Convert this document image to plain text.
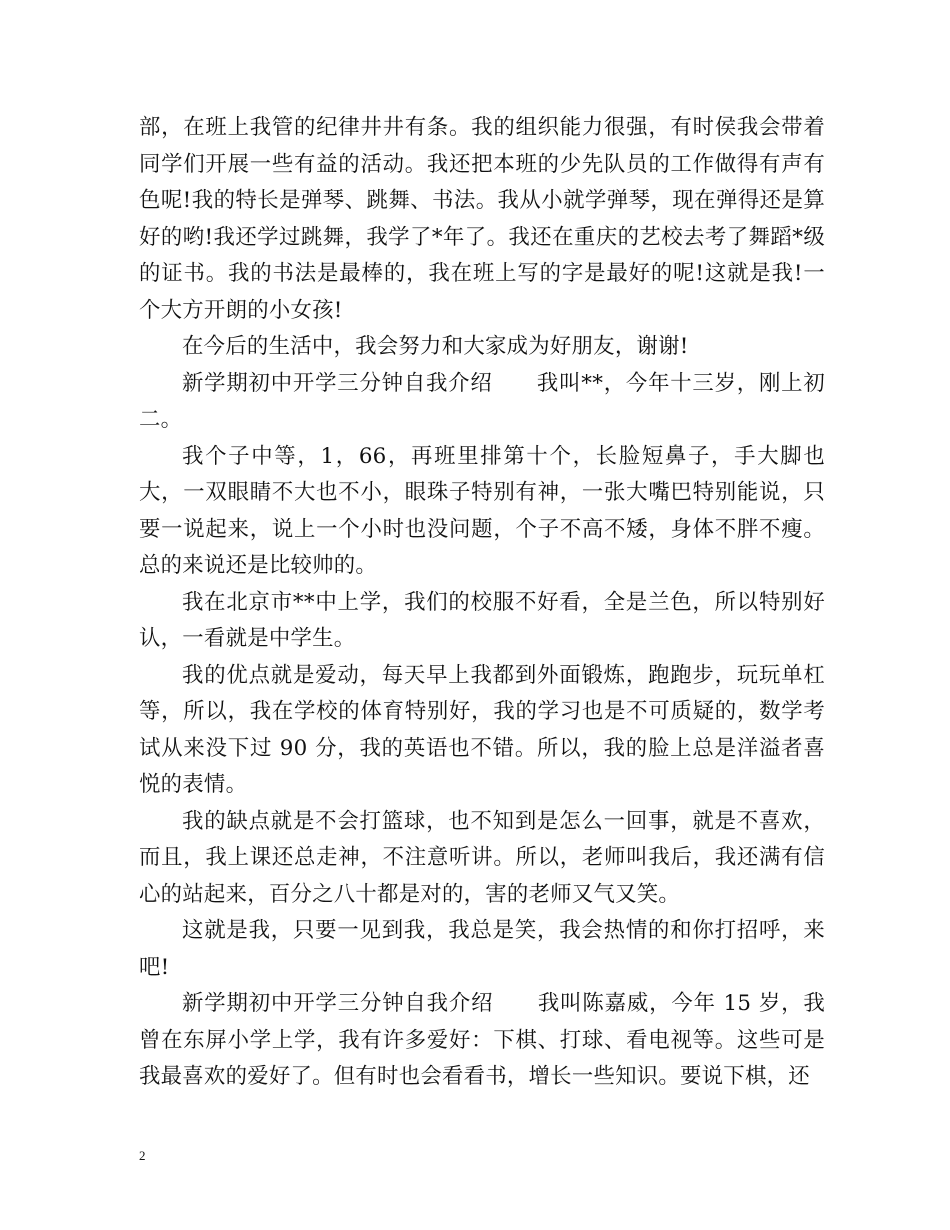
部，在班上我管的纪律井井有条。我的组织能力很强，有时侯我会带着同学们开展一些有益的活动。我还把本班的少先队员的工作做得有声有色呢!我的特长是弹琴、跳舞、书法。我从小就学弹琴，现在弹得还是算好的哟!我还学过跳舞，我学了*年了。我还在重庆的艺校去考了舞蹈*级的证书。我的书法是最棒的，我在班上写的字是最好的呢!这就是我!一个大方开朗的小女孩!

在今后的生活中，我会努力和大家成为好朋友，谢谢!

新学期初中开学三分钟自我介绍　　我叫**，今年十三岁，刚上初二。

我个子中等，1，66，再班里排第十个，长脸短鼻子，手大脚也大，一双眼睛不大也不小，眼珠子特别有神，一张大嘴巴特别能说，只要一说起来，说上一个小时也没问题，个子不高不矮，身体不胖不瘦。总的来说还是比较帅的。

我在北京市**中上学，我们的校服不好看，全是兰色，所以特别好认，一看就是中学生。

我的优点就是爱动，每天早上我都到外面锻炼，跑跑步，玩玩单杠等，所以，我在学校的体育特别好，我的学习也是不可质疑的，数学考试从来没下过 90 分，我的英语也不错。所以，我的脸上总是洋溢者喜悦的表情。

我的缺点就是不会打篮球，也不知到是怎么一回事，就是不喜欢，而且，我上课还总走神，不注意听讲。所以，老师叫我后，我还满有信心的站起来，百分之八十都是对的，害的老师又气又笑。

这就是我，只要一见到我，我总是笑，我会热情的和你打招呼，来吧!

新学期初中开学三分钟自我介绍　　我叫陈嘉威，今年 15 岁，我曾在东屏小学上学，我有许多爱好：下棋、打球、看电视等。这些可是我最喜欢的爱好了。但有时也会看看书，增长一些知识。要说下棋，还

2
